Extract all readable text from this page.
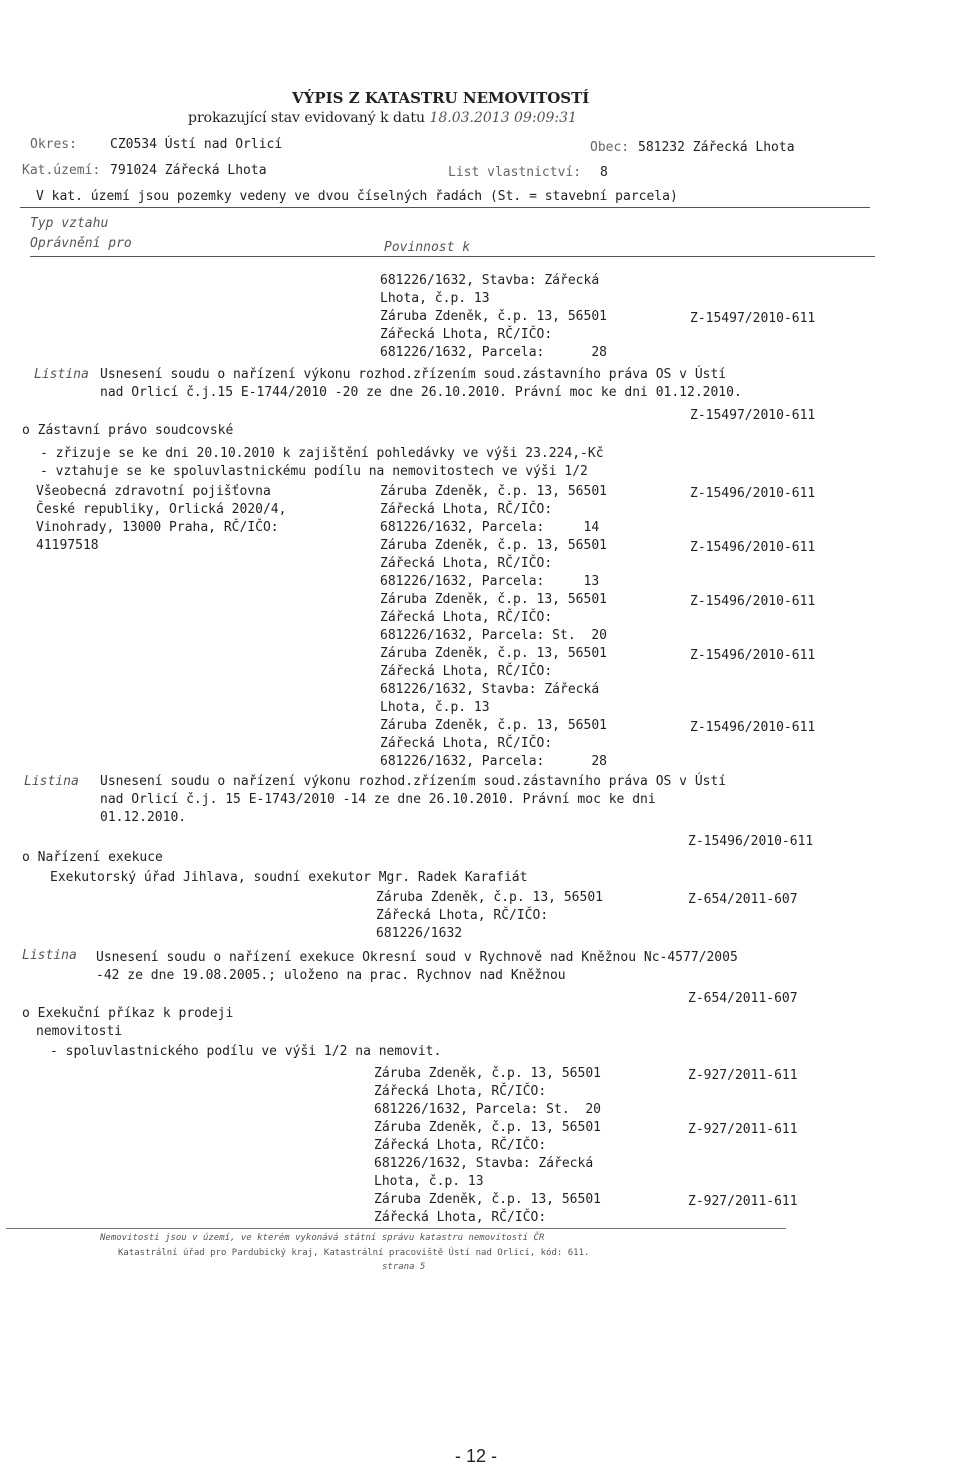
VÝPIS Z KATASTRU NEMOVITOSTÍ
prokazující stav evidovaný k datu 18.03.2013 09:09:31
Okres:	CZ0534 Ústí nad Orlicí	Obec: 581232 Zářecká Lhota
Kat.území: 791024 Zářecká Lhota	List vlastnictví: 8
V kat. území jsou pozemky vedeny ve dvou číselných řadách (St. = stavební parcela)
Typ vztahu
Oprávnění pro	Povinnost k
681226/1632, Stavba: Zářecká
Lhota, č.p. 13
Záruba Zdeněk, č.p. 13, 56501	Z-15497/2010-611
Zářecká Lhota, RČ/IČO:
681226/1632, Parcela:      28
Listina Usnesení soudu o nařízení výkonu rozhod.zřízením soud.zástavního práva OS v Ústí
nad Orlicí č.j.15 E-1744/2010 -20 ze dne 26.10.2010. Právní moc ke dni 01.12.2010.
Z-15497/2010-611
o Zástavní právo soudcovské
- zřizuje se ke dni 20.10.2010 k zajištění pohledávky ve výši 23.224,-Kč
- vztahuje se ke spoluvlastnickému podílu na nemovitostech ve výši 1/2
Všeobecná zdravotní pojišťovna
České republiky, Orlická 2020/4,
Vinohrady, 13000 Praha, RČ/IČO:
41197518
Záruba Zdeněk, č.p. 13, 56501	Z-15496/2010-611
Zářecká Lhota, RČ/IČO:
681226/1632, Parcela:     14
Záruba Zdeněk, č.p. 13, 56501	Z-15496/2010-611
Zářecká Lhota, RČ/IČO:
681226/1632, Parcela:     13
Záruba Zdeněk, č.p. 13, 56501	Z-15496/2010-611
Zářecká Lhota, RČ/IČO:
681226/1632, Parcela: St.  20
Záruba Zdeněk, č.p. 13, 56501	Z-15496/2010-611
Zářecká Lhota, RČ/IČO:
681226/1632, Stavba: Zářecká
Lhota, č.p. 13
Záruba Zdeněk, č.p. 13, 56501	Z-15496/2010-611
Zářecká Lhota, RČ/IČO:
681226/1632, Parcela:      28
Listina Usnesení soudu o nařízení výkonu rozhod.zřízením soud.zástavního práva OS v Ústí
nad Orlicí č.j. 15 E-1743/2010 -14 ze dne 26.10.2010. Právní moc ke dni
01.12.2010.
Z-15496/2010-611
o Nařízení exekuce
Exekutorský úřad Jihlava, soudní exekutor Mgr. Radek Karafiát
Záruba Zdeněk, č.p. 13, 56501	Z-654/2011-607
Zářecká Lhota, RČ/IČO:
681226/1632
Listina Usnesení soudu o nařízení exekuce Okresní soud v Rychnově nad Kněžnou Nc-4577/2005
-42 ze dne 19.08.2005.; uloženo na prac. Rychnov nad Kněžnou
Z-654/2011-607
o Exekuční příkaz k prodeji
nemovitosti
- spoluvlastnického podílu ve výši 1/2 na nemovit.
Záruba Zdeněk, č.p. 13, 56501	Z-927/2011-611
Zářecká Lhota, RČ/IČO:
681226/1632, Parcela: St.  20
Záruba Zdeněk, č.p. 13, 56501	Z-927/2011-611
Zářecká Lhota, RČ/IČO:
681226/1632, Stavba: Zářecká
Lhota, č.p. 13
Záruba Zdeněk, č.p. 13, 56501	Z-927/2011-611
Zářecká Lhota, RČ/IČO:
Nemovitosti jsou v území, ve kterém vykonává státní správu katastru nemovitostí ČR
Katastrální úřad pro Pardubický kraj, Katastrální pracoviště Ústí nad Orlicí, kód: 611.
strana 5
- 12 -
